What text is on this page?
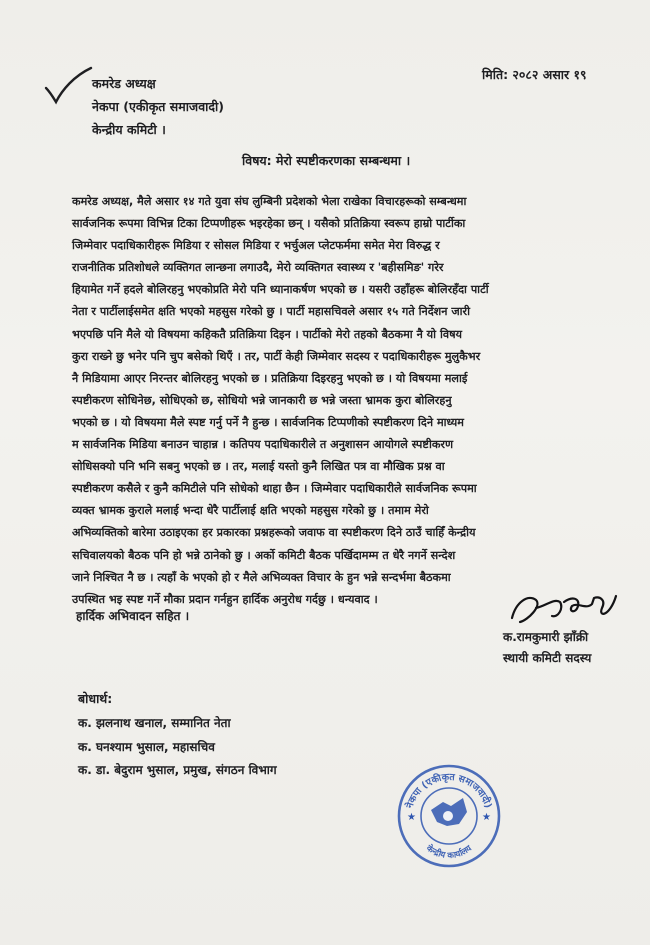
कमरेड अध्यक्ष
नेकपा (एकीकृत समाजवादी)
केन्द्रीय कमिटी ।
मिति: २०८२ असार १९
विषय: मेरो स्पष्टीकरणका सम्बन्धमा ।
कमरेड अध्यक्ष, मैले असार १४ गते युवा संघ लुम्बिनी प्रदेशको भेला राखेका विचारहरूको सम्बन्धमा
सार्वजनिक रूपमा विभिन्न टिका टिप्पणीहरू भइरहेका छन् । यसैको प्रतिक्रिया स्वरूप हाम्रो पार्टीका
जिम्मेवार पदाधिकारीहरू मिडिया र सोसल मिडिया र भर्चुअल प्लेटफर्ममा समेत मेरा विरुद्ध र
राजनीतिक प्रतिशोधले व्यक्तिगत लान्छना लगाउदै, मेरो व्यक्तिगत स्वास्थ्य र 'बहीसमिङ' गरेर
हियामेत गर्ने हदले बोलिरहनु भएकोप्रति मेरो पनि ध्यानाकर्षण भएको छ । यसरी उहाँहरू बोलिरहँदा पार्टी
नेता र पार्टीलाईसमेत क्षति भएको महसुस गरेको छु । पार्टी महासचिवले असार १५ गते निर्देशन जारी
भएपछि पनि मैले यो विषयमा कहिकतै प्रतिक्रिया दिइन । पार्टीको मेरो तहको बैठकमा नै यो विषय
कुरा राख्ने छु भनेर पनि चुप बसेको थिएँ । तर, पार्टी केही जिम्मेवार सदस्य र पदाधिकारीहरू मुलुकैभर
नै मिडियामा आएर निरन्तर बोलिरहनु भएको छ । प्रतिक्रिया दिइरहनु भएको छ । यो विषयमा मलाई
स्पष्टीकरण सोधिनेछ, सोधिएको छ, सोधियो भन्ने जानकारी छ भन्ने जस्ता भ्रामक कुरा बोलिरहनु
भएको छ । यो विषयमा मैले स्पष्ट गर्नु पर्ने नै हुन्छ । सार्वजनिक टिप्पणीको स्पष्टीकरण दिने माध्यम
म सार्वजनिक मिडिया बनाउन चाहान्न । कतिपय पदाधिकारीले त अनुशासन आयोगले स्पष्टीकरण
सोधिसक्यो पनि भनि सबनु भएको छ । तर, मलाई यस्तो कुनै लिखित पत्र वा मौखिक प्रश्न वा
स्पष्टीकरण कसैले र कुनै कमिटीले पनि सोधेको थाहा छैन । जिम्मेवार पदाधिकारीले सार्वजनिक रूपमा
व्यक्त भ्रामक कुराले मलाई भन्दा धेरै पार्टीलाई क्षति भएको महसुस गरेको छु । तमाम मेरो
अभिव्यक्तिको बारेमा उठाइएका हर प्रकारका प्रश्नहरूको जवाफ वा स्पष्टीकरण दिने ठाउँ चाहिँ केन्द्रीय
सचिवालयको बैठक पनि हो भन्ने ठानेको छु । अर्को कमिटी बैठक पर्खिदामम्म त धेरै नगर्ने सन्देश
जाने निश्चित नै छ । त्यहाँ के भएको हो र मैले अभिव्यक्त विचार के हुन भन्ने सन्दर्भमा बैठकमा
उपस्थित भइ स्पष्ट गर्ने मौका प्रदान गर्नहुन हार्दिक अनुरोध गर्दछु । धन्यवाद ।
हार्दिक अभिवादन सहित ।
क.रामकुमारी झाँक्री
स्थायी कमिटी सदस्य
बोधार्थ:
क. झलनाथ खनाल, सम्मानित नेता
क. घनश्याम भुसाल, महासचिव
क. डा. बेदुराम भुसाल, प्रमुख, संगठन विभाग
नेकपा (एकीकृत समाजवादी)
केन्द्रीय कार्यालय
★	★
